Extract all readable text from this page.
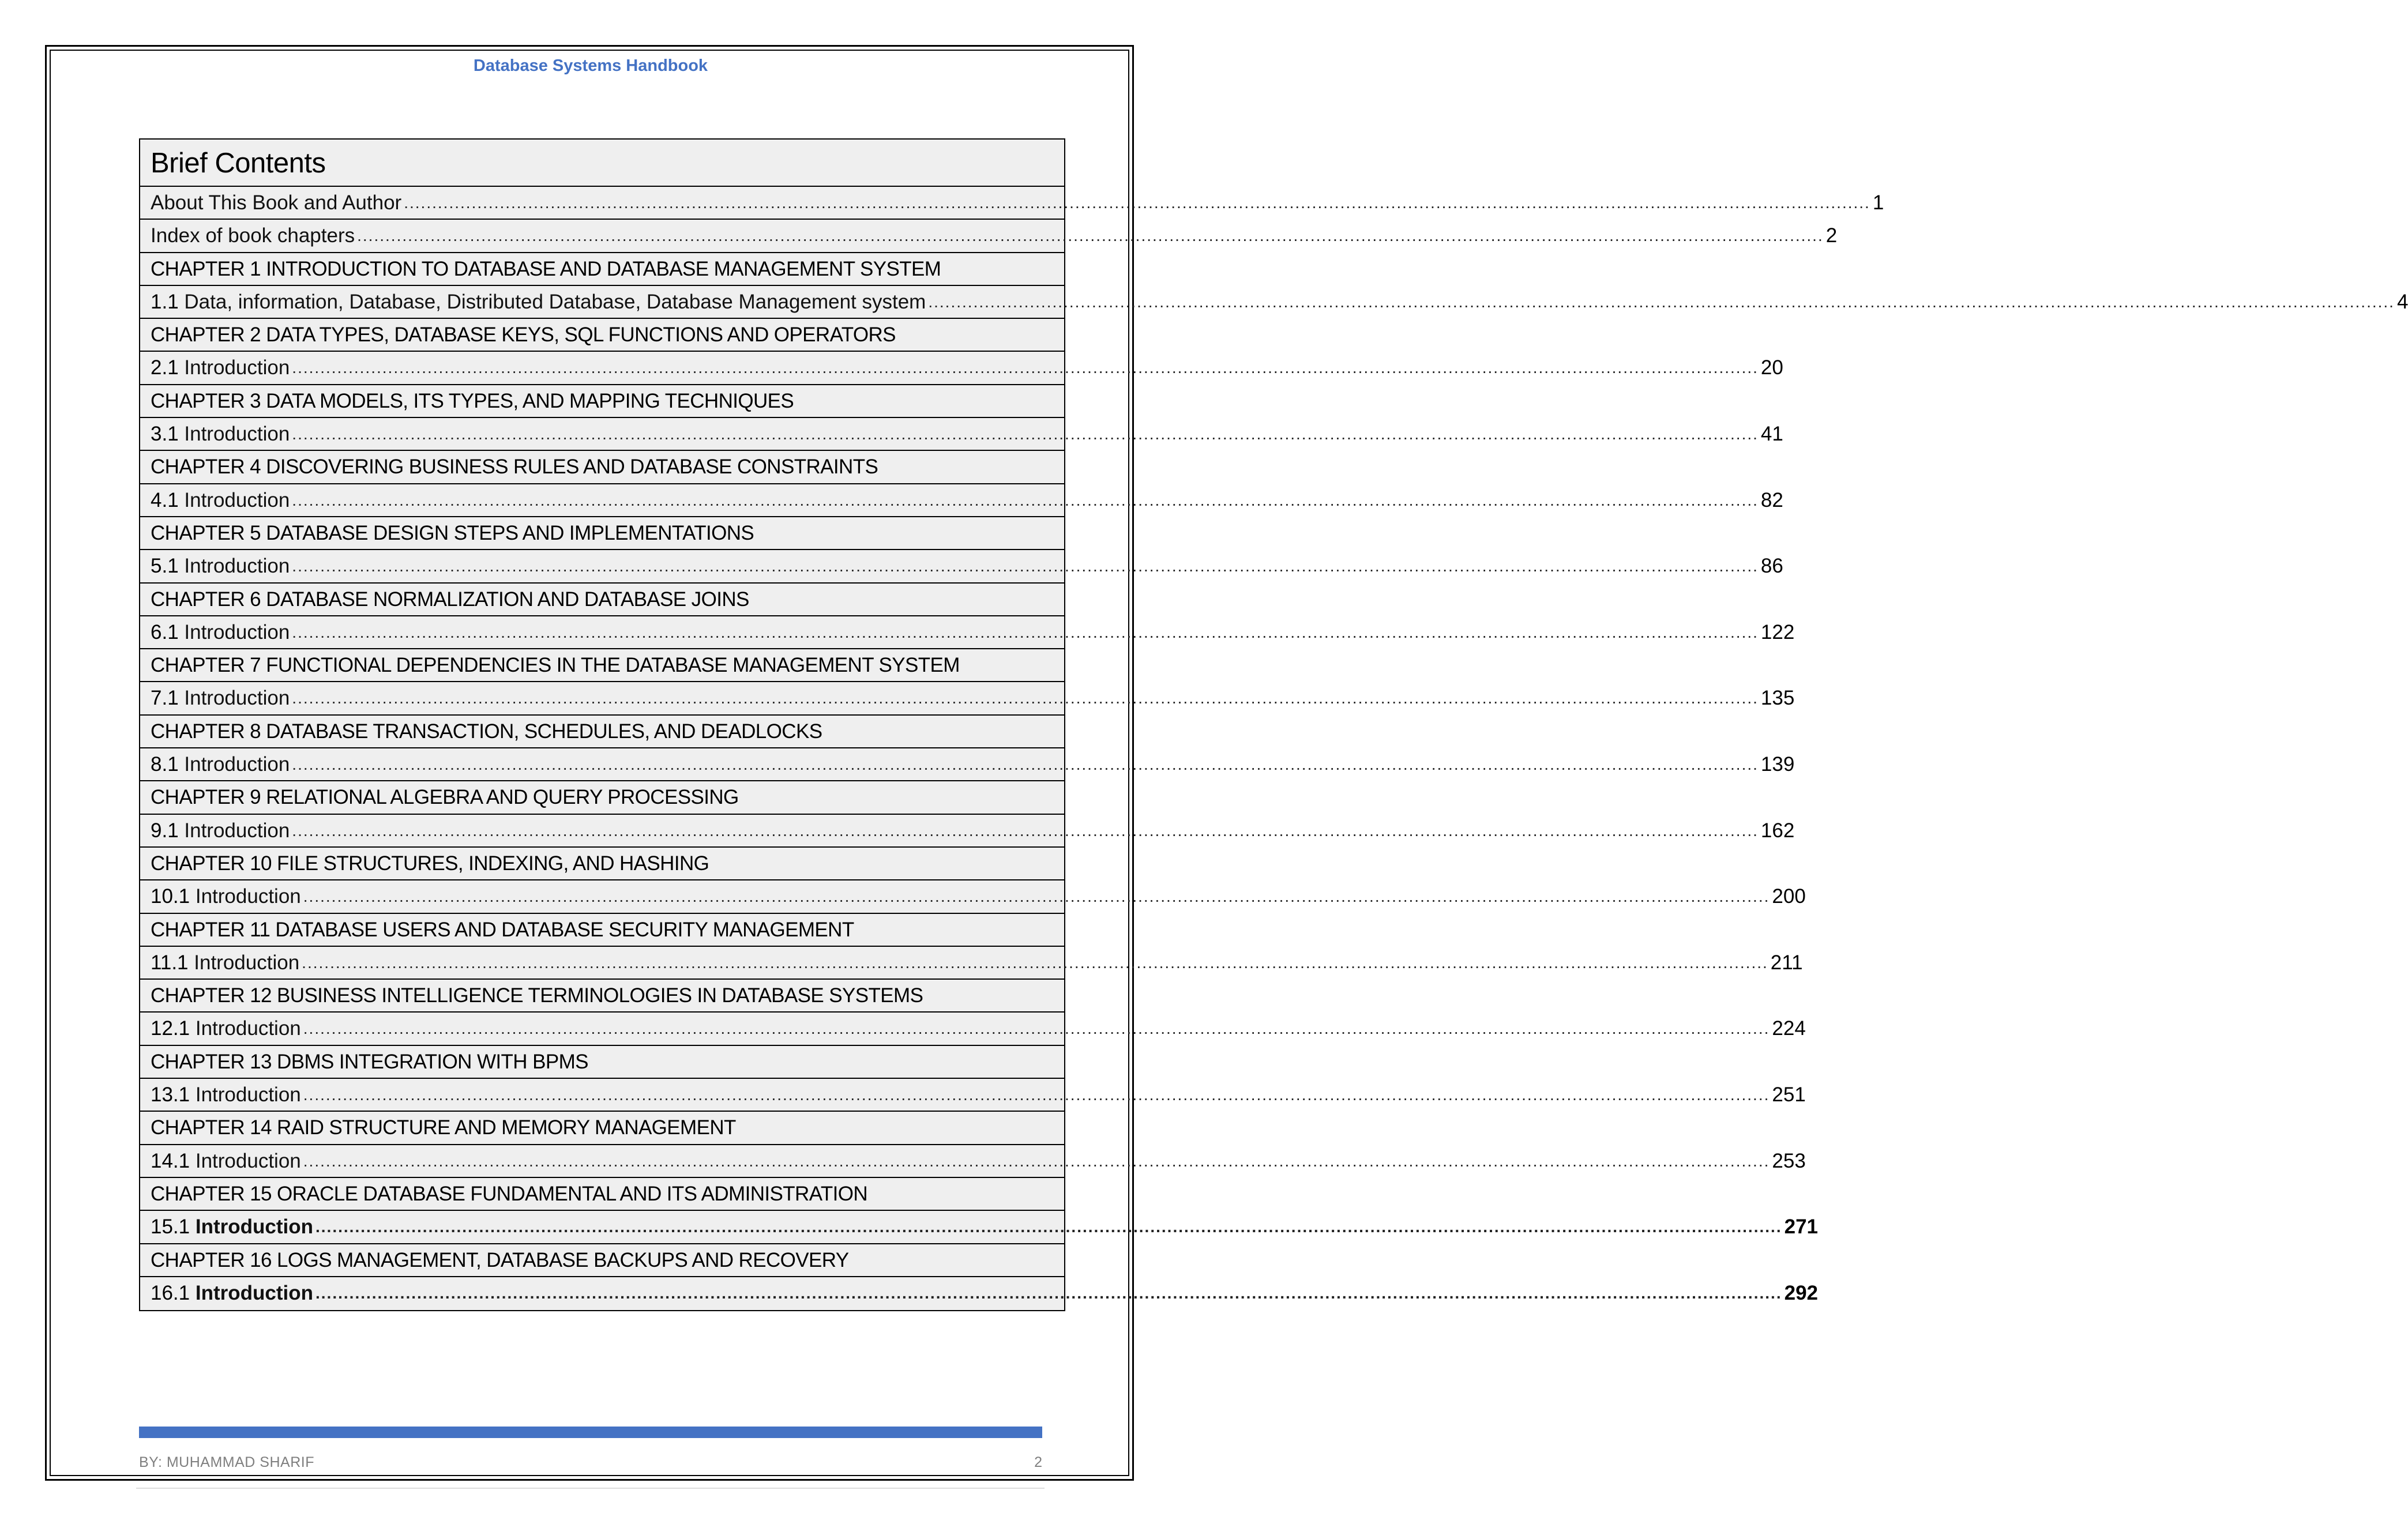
Database Systems Handbook
Brief Contents
About This Book and Author .................................................................................................................................................................................................................................................................... 1
Index of book chapters .................................................................................................................................................................................................................................................................... 2
CHAPTER 1 INTRODUCTION TO DATABASE AND DATABASE MANAGEMENT SYSTEM
1.1 Data, information, Database, Distributed Database, Database Management system .................................................................................................................................................................................................................................................................... 4
CHAPTER 2 DATA TYPES, DATABASE KEYS, SQL FUNCTIONS AND OPERATORS
2.1 Introduction .................................................................................................................................................................................................................................................................... 20
CHAPTER 3 DATA MODELS, ITS TYPES, AND MAPPING TECHNIQUES
3.1 Introduction .................................................................................................................................................................................................................................................................... 41
CHAPTER 4 DISCOVERING BUSINESS RULES AND DATABASE CONSTRAINTS
4.1 Introduction .................................................................................................................................................................................................................................................................... 82
CHAPTER 5 DATABASE DESIGN STEPS AND IMPLEMENTATIONS
5.1 Introduction .................................................................................................................................................................................................................................................................... 86
CHAPTER 6 DATABASE NORMALIZATION AND DATABASE JOINS
6.1 Introduction .................................................................................................................................................................................................................................................................... 122
CHAPTER 7 FUNCTIONAL DEPENDENCIES IN THE DATABASE MANAGEMENT SYSTEM
7.1 Introduction .................................................................................................................................................................................................................................................................... 135
CHAPTER 8 DATABASE TRANSACTION, SCHEDULES, AND DEADLOCKS
8.1 Introduction .................................................................................................................................................................................................................................................................... 139
CHAPTER 9 RELATIONAL ALGEBRA AND QUERY PROCESSING
9.1 Introduction .................................................................................................................................................................................................................................................................... 162
CHAPTER 10 FILE STRUCTURES, INDEXING, AND HASHING
10.1 Introduction .................................................................................................................................................................................................................................................................... 200
CHAPTER 11 DATABASE USERS AND DATABASE SECURITY MANAGEMENT
11.1 Introduction .................................................................................................................................................................................................................................................................... 211
CHAPTER 12 BUSINESS INTELLIGENCE TERMINOLOGIES IN DATABASE SYSTEMS
12.1 Introduction .................................................................................................................................................................................................................................................................... 224
CHAPTER 13 DBMS INTEGRATION WITH BPMS
13.1 Introduction .................................................................................................................................................................................................................................................................... 251
CHAPTER 14 RAID STRUCTURE AND MEMORY MANAGEMENT
14.1 Introduction .................................................................................................................................................................................................................................................................... 253
CHAPTER 15 ORACLE DATABASE FUNDAMENTAL AND ITS ADMINISTRATION
15.1 Introduction .................................................................................................................................................................................................................................................................... 271
CHAPTER 16 LOGS MANAGEMENT, DATABASE BACKUPS AND RECOVERY
16.1 Introduction .................................................................................................................................................................................................................................................................... 292
BY: MUHAMMAD SHARIF	2
